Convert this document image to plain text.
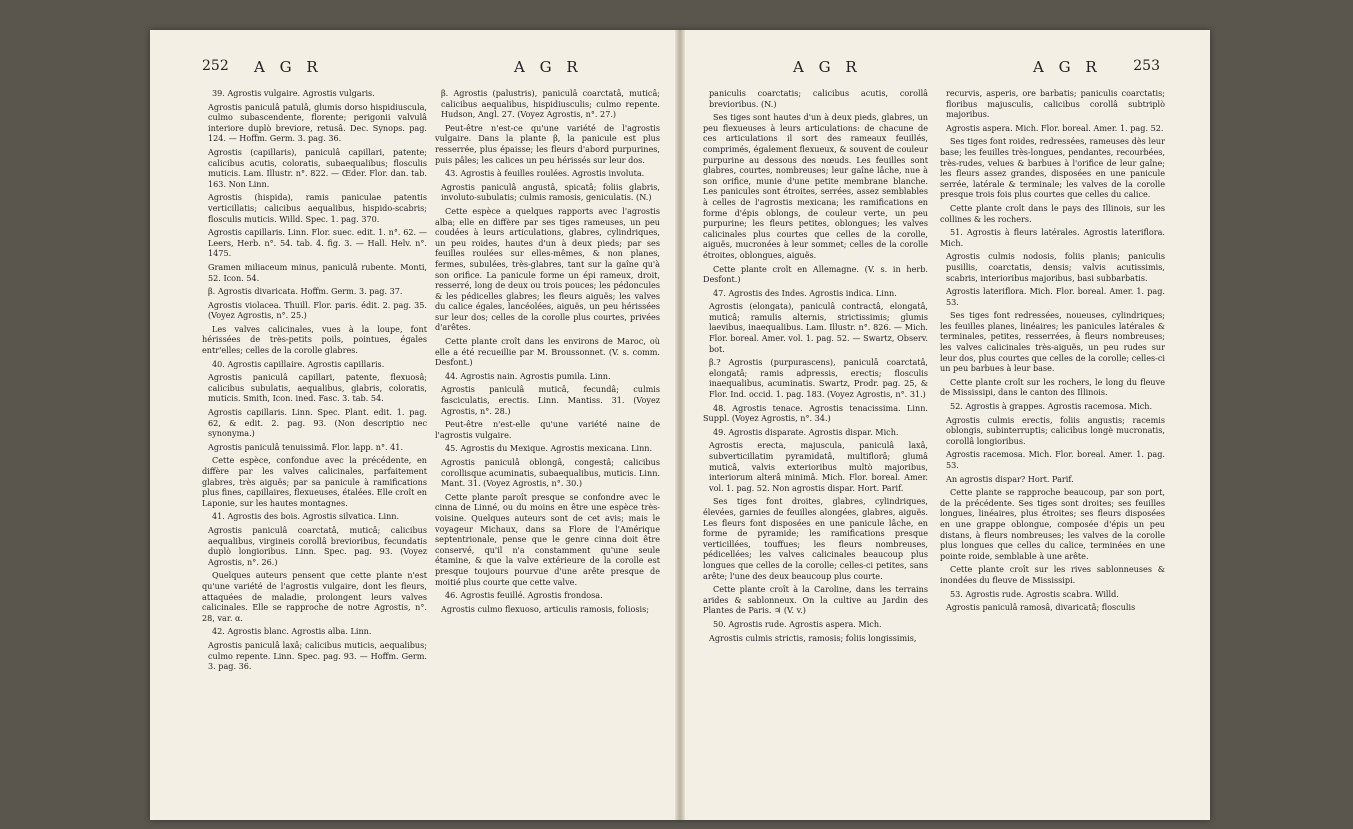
252 A G R	A G R

39. Agrostis vulgaire. Agrostis vulgaris.

Agrostis paniculâ patulâ, glumis dorso hispidiuscula, culmo subascendente, florente; perigonii valvulâ interiore duplò breviore, retusâ. Dec. Synops. pag. 124. — Hoffm. Germ. 3. pag. 36.

Agrostis (capillaris), paniculâ capillari, patente; calicibus acutis, coloratis, subaequalibus; flosculis muticis. Lam. Illustr. n°. 822. — Œder. Flor. dan. tab. 163. Non Linn.

Agrostis (hispida), ramis paniculae patentis verticillatis; calicibus aequalibus, hispido-scabris; flosculis muticis. Willd. Spec. 1. pag. 370.

Agrostis capillaris. Linn. Flor. suec. edit. 1. n°. 62. — Leers, Herb. n°. 54. tab. 4. fig. 3. — Hall. Helv. n°. 1475.

Gramen miliaceum minus, paniculâ rubente. Monti, 52. Icon. 54.

β. Agrostis divaricata. Hoffm. Germ. 3. pag. 37.

Agrostis violacea. Thuill. Flor. paris. édit. 2. pag. 35. (Voyez Agrostis, n°. 25.)

Les valves calicinales, vues à la loupe, font hérissées de très-petits poils, pointues, égales entr'elles; celles de la corolle glabres.

40. Agrostis capillaire. Agrostis capillaris.

Agrostis paniculâ capillari, patente, flexuosâ; calicibus subulatis, aequalibus, glabris, coloratis, muticis. Smith, Icon. ined. Fasc. 3. tab. 54.

Agrostis capillaris. Linn. Spec. Plant. edit. 1. pag. 62, & edit. 2. pag. 93. (Non descriptio nec synonyma.)

Agrostis paniculâ tenuissimâ. Flor. lapp. n°. 41.

Cette espèce, confondue avec la précédente, en diffère par les valves calicinales, parfaitement glabres, très aiguës; par sa panicule à ramifications plus fines, capillaires, flexueuses, étalées. Elle croît en Laponie, sur les hautes montagnes.

41. Agrostis des bois. Agrostis silvatica. Linn.

Agrostis paniculâ coarctatâ, muticâ; calicibus aequalibus, virgineis corollâ brevioribus, fecundatis duplò longioribus. Linn. Spec. pag. 93. (Voyez Agrostis, n°. 26.)

Quelques auteurs pensent que cette plante n'est qu'une variété de l'agrostis vulgaire, dont les fleurs, attaquées de maladie, prolongent leurs valves calicinales. Elle se rapproche de notre Agrostis, n°. 28, var. α.

42. Agrostis blanc. Agrostis alba. Linn.

Agrostis paniculâ laxâ; calicibus muticis, aequalibus; culmo repente. Linn. Spec. pag. 93. — Hoffm. Germ. 3. pag. 36.

β. Agrostis (palustris), paniculâ coarctatâ, muticâ; calicibus aequalibus, hispidiusculis; culmo repente. Hudson, Angl. 27. (Voyez Agrostis, n°. 27.)

Peut-être n'est-ce qu'une variété de l'agrostis vulgaire. Dans la plante β, la panicule est plus resserrée, plus épaisse; les fleurs d'abord purpurines, puis pâles; les calices un peu hérissés sur leur dos.

43. Agrostis à feuilles roulées. Agrostis involuta.

Agrostis paniculâ angustâ, spicatâ; foliis glabris, involuto-subulatis; culmis ramosis, geniculatis. (N.)

Cette espèce a quelques rapports avec l'agrostis alba; elle en diffère par ses tiges rameuses, un peu coudées à leurs articulations, glabres, cylindriques, un peu roides, hautes d'un à deux pieds; par ses feuilles roulées sur elles-mêmes, & non planes, fermes, subulées, très-glabres, tant sur la gaîne qu'à son orifice. La panicule forme un épi rameux, droit, resserré, long de deux ou trois pouces; les pédoncules & les pédicelles glabres; les fleurs aiguës; les valves du calice égales, lancéolées, aiguës, un peu hérissées sur leur dos; celles de la corolle plus courtes, privées d'arêtes.

Cette plante croît dans les environs de Maroc, où elle a été recueillie par M. Broussonnet. (V. s. comm. Desfont.)

44. Agrostis nain. Agrostis pumila. Linn.

Agrostis paniculâ muticâ, fecundâ; culmis fasciculatis, erectis. Linn. Mantiss. 31. (Voyez Agrostis, n°. 28.)

Peut-être n'est-elle qu'une variété naine de l'agrostis vulgaire.

45. Agrostis du Mexique. Agrostis mexicana. Linn.

Agrostis paniculâ oblongâ, congestâ; calicibus corollisque acuminatis, subaequalibus, muticis. Linn. Mant. 31. (Voyez Agrostis, n°. 30.)

Cette plante paroît presque se confondre avec le cinna de Linné, ou du moins en être une espèce très-voisine. Quelques auteurs sont de cet avis; mais le voyageur Michaux, dans sa Flore de l'Amérique septentrionale, pense que le genre cinna doit être conservé, qu'il n'a constamment qu'une seule étamine, & que la valve extérieure de la corolle est presque toujours pourvue d'une arête presque de moitié plus courte que cette valve.

46. Agrostis feuillé. Agrostis frondosa.

Agrostis culmo flexuoso, articulis ramosis, foliosis;

A G R	A G R 253

paniculis coarctatis; calicibus acutis, corollâ brevioribus. (N.)

Ses tiges sont hautes d'un à deux pieds, glabres, un peu flexueuses à leurs articulations: de chacune de ces articulations il sort des rameaux feuillés, comprimés, également flexueux, & souvent de couleur purpurine au dessous des nœuds. Les feuilles sont glabres, courtes, nombreuses; leur gaîne lâche, nue à son orifice, munie d'une petite membrane blanche. Les panicules sont étroites, serrées, assez semblables à celles de l'agrostis mexicana; les ramifications en forme d'épis oblongs, de couleur verte, un peu purpurine; les fleurs petites, oblongues; les valves calicinales plus courtes que celles de la corolle, aiguës, mucronées à leur sommet; celles de la corolle étroites, oblongues, aiguës.

Cette plante croît en Allemagne. (V. s. in herb. Desfont.)

47. Agrostis des Indes. Agrostis indica. Linn.

Agrostis (elongata), paniculâ contractâ, elongatâ, muticâ; ramulis alternis, strictissimis; glumis laevibus, inaequalibus. Lam. Illustr. n°. 826. — Mich. Flor. boreal. Amer. vol. 1. pag. 52. — Swartz, Observ. bot.

β.? Agrostis (purpurascens), paniculâ coarctatâ, elongatâ; ramis adpressis, erectis; flosculis inaequalibus, acuminatis. Swartz, Prodr. pag. 25, & Flor. Ind. occid. 1. pag. 183. (Voyez Agrostis, n°. 31.)

48. Agrostis tenace. Agrostis tenacissima. Linn. Suppl. (Voyez Agrostis, n°. 34.)

49. Agrostis disparate. Agrostis dispar. Mich.

Agrostis erecta, majuscula, paniculâ laxâ, subverticillatim pyramidatâ, multiflorâ; glumâ muticâ, valvis exterioribus multò majoribus, interiorum alterâ minimâ. Mich. Flor. boreal. Amer. vol. 1. pag. 52. Non agrostis dispar. Hort. Parif.

Ses tiges font droites, glabres, cylindriques, élevées, garnies de feuilles alongées, glabres, aiguës. Les fleurs font disposées en une panicule lâche, en forme de pyramide; les ramifications presque verticillées, touffues; les fleurs nombreuses, pédicellées; les valves calicinales beaucoup plus longues que celles de la corolle; celles-ci petites, sans arête; l'une des deux beaucoup plus courte.

Cette plante croît à la Caroline, dans les terrains arides & sablonneux. On la cultive au Jardin des Plantes de Paris. ♃ (V. v.)

50. Agrostis rude. Agrostis aspera. Mich.

Agrostis culmis strictis, ramosis; foliis longissimis,

recurvis, asperis, ore barbatis; paniculis coarctatis; floribus majusculis, calicibus corollâ subtriplò majoribus.

Agrostis aspera. Mich. Flor. boreal. Amer. 1. pag. 52.

Ses tiges font roides, redressées, rameuses dès leur base; les feuilles très-longues, pendantes, recourbées, très-rudes, velues & barbues à l'orifice de leur gaîne; les fleurs assez grandes, disposées en une panicule serrée, latérale & terminale; les valves de la corolle presque trois fois plus courtes que celles du calice.

Cette plante croît dans le pays des Illinois, sur les collines & les rochers.

51. Agrostis à fleurs latérales. Agrostis lateriflora. Mich.

Agrostis culmis nodosis, foliis planis; paniculis pusillis, coarctatis, densis; valvis acutissimis, scabris, interioribus majoribus, basi subbarbatis.

Agrostis lateriflora. Mich. Flor. boreal. Amer. 1. pag. 53.

Ses tiges font redressées, noueuses, cylindriques; les feuilles planes, linéaires; les panicules latérales & terminales, petites, resserrées, à fleurs nombreuses; les valves calicinales très-aiguës, un peu rudes sur leur dos, plus courtes que celles de la corolle; celles-ci un peu barbues à leur base.

Cette plante croît sur les rochers, le long du fleuve de Mississipi, dans le canton des Illinois.

52. Agrostis à grappes. Agrostis racemosa. Mich.

Agrostis culmis erectis, foliis angustis; racemis oblongis, subinterruptis; calicibus longè mucronatis, corollâ longioribus.

Agrostis racemosa. Mich. Flor. boreal. Amer. 1. pag. 53.

An agrostis dispar? Hort. Parif.

Cette plante se rapproche beaucoup, par son port, de la précédente. Ses tiges sont droites; ses feuilles longues, linéaires, plus étroites; ses fleurs disposées en une grappe oblongue, composée d'épis un peu distans, à fleurs nombreuses; les valves de la corolle plus longues que celles du calice, terminées en une pointe roide, semblable à une arête.

Cette plante croît sur les rives sablonneuses & inondées du fleuve de Mississipi.

53. Agrostis rude. Agrostis scabra. Willd.

Agrostis paniculâ ramosâ, divaricatâ; flosculis
